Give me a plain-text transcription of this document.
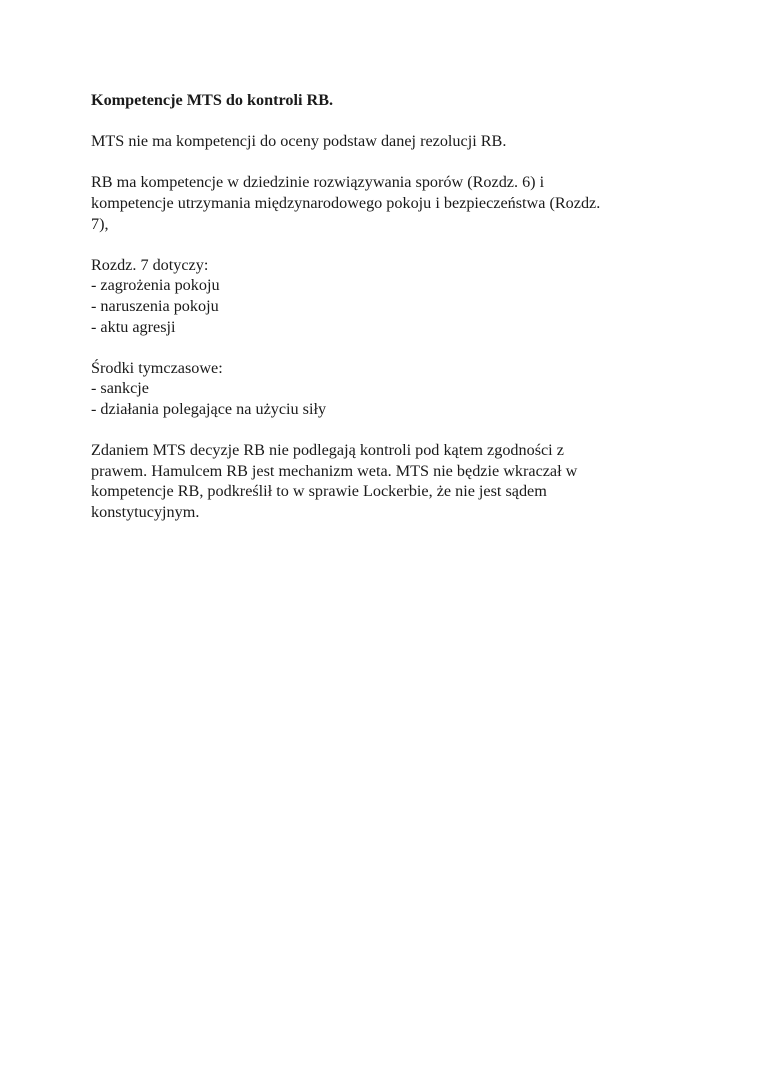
Kompetencje MTS do kontroli RB.
MTS nie ma kompetencji do oceny podstaw danej rezolucji RB.
RB ma kompetencje w dziedzinie rozwiązywania sporów (Rozdz. 6) i
kompetencje utrzymania międzynarodowego pokoju i bezpieczeństwa (Rozdz.
7),
Rozdz. 7 dotyczy:
- zagrożenia pokoju
- naruszenia pokoju
- aktu agresji
Środki tymczasowe:
- sankcje
- działania polegające na użyciu siły
Zdaniem MTS decyzje RB nie podlegają kontroli pod kątem zgodności z
prawem. Hamulcem RB jest mechanizm weta. MTS nie będzie wkraczał w
kompetencje RB, podkreślił to w sprawie Lockerbie, że nie jest sądem
konstytucyjnym.
